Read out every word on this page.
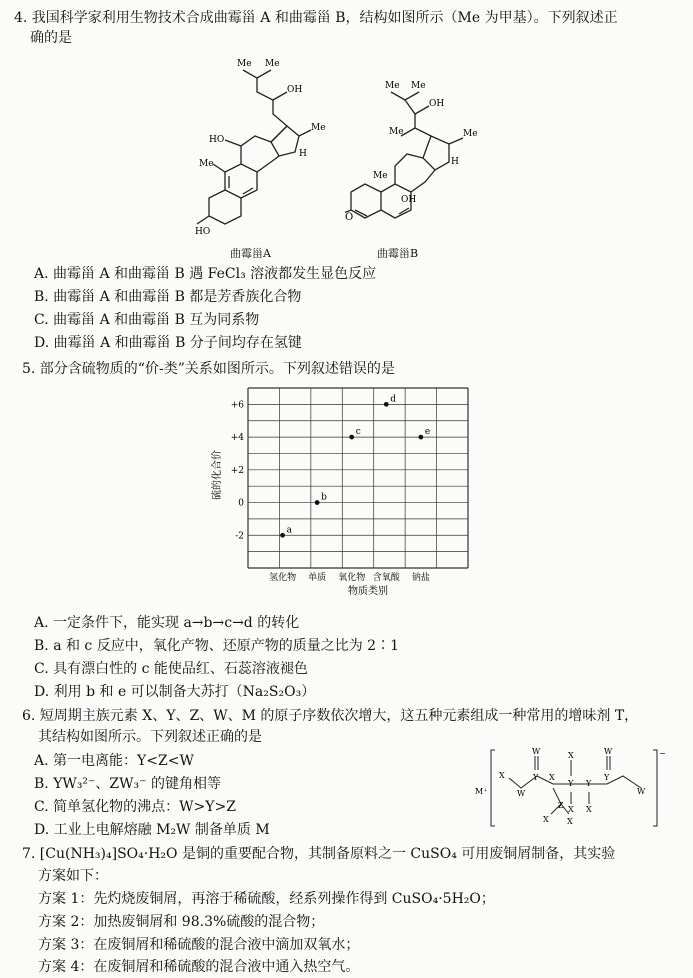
4. 我国科学家利用生物技术合成曲霉甾 A 和曲霉甾 B，结构如图所示（Me 为甲基）。下列叙述正
确的是
Me Me
OH
HO
Me
H
Me
HO
曲霉甾A
Me Me
OH
Me	Me
H
Me
OH
O
曲霉甾B
A. 曲霉甾 A 和曲霉甾 B 遇 FeCl₃ 溶液都发生显色反应
B. 曲霉甾 A 和曲霉甾 B 都是芳香族化合物
C. 曲霉甾 A 和曲霉甾 B 互为同系物
D. 曲霉甾 A 和曲霉甾 B 分子间均存在氢键
5. 部分含硫物质的“价-类”关系如图所示。下列叙述错误的是
+6
+4
+2
0
-2
氢化物 单质 氧化物 含氧酸 钠盐
a
b
c
d
e
硫的化合价
物质类别
A. 一定条件下，能实现 a→b→c→d 的转化
B. a 和 c 反应中，氧化产物、还原产物的质量之比为 2∶1
C. 具有漂白性的 c 能使品红、石蕊溶液褪色
D. 利用 b 和 e 可以制备大苏打（Na₂S₂O₃）
6. 短周期主族元素 X、Y、Z、W、M 的原子序数依次增大，这五种元素组成一种常用的增味剂 T，
其结构如图所示。下列叙述正确的是
A. 第一电离能：Y<Z<W
B. YW₃²⁻、ZW₃⁻ 的键角相等
C. 简单氢化物的沸点：W>Y>Z
D. 工业上电解熔融 M₂W 制备单质 M
M⁺
−
X
W
W
Y X
X
Y Y
X X
W
Y
W
Z
X X
7. [Cu(NH₃)₄]SO₄·H₂O 是铜的重要配合物，其制备原料之一 CuSO₄ 可用废铜屑制备，其实验
方案如下：
方案 1：先灼烧废铜屑，再溶于稀硫酸，经系列操作得到 CuSO₄·5H₂O；
方案 2：加热废铜屑和 98.3%硫酸的混合物；
方案 3：在废铜屑和稀硫酸的混合液中滴加双氧水；
方案 4：在废铜屑和稀硫酸的混合液中通入热空气。
